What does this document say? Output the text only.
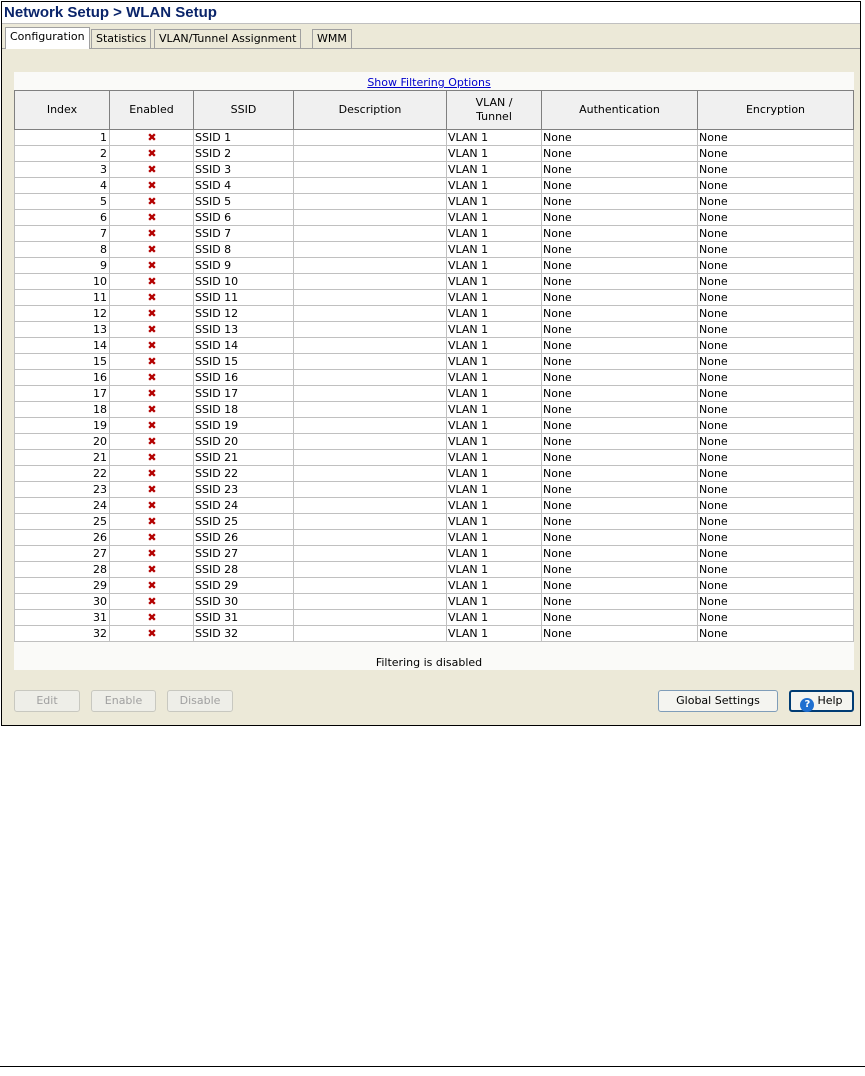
Network Setup > WLAN Setup
Configuration	Statistics	VLAN/Tunnel Assignment	WMM
Show Filtering Options
Index	Enabled	SSID	Description	VLAN / Tunnel	Authentication	Encryption
1	✖	SSID 1		VLAN 1	None	None
2	✖	SSID 2		VLAN 1	None	None
3	✖	SSID 3		VLAN 1	None	None
4	✖	SSID 4		VLAN 1	None	None
5	✖	SSID 5		VLAN 1	None	None
6	✖	SSID 6		VLAN 1	None	None
7	✖	SSID 7		VLAN 1	None	None
8	✖	SSID 8		VLAN 1	None	None
9	✖	SSID 9		VLAN 1	None	None
10	✖	SSID 10		VLAN 1	None	None
11	✖	SSID 11		VLAN 1	None	None
12	✖	SSID 12		VLAN 1	None	None
13	✖	SSID 13		VLAN 1	None	None
14	✖	SSID 14		VLAN 1	None	None
15	✖	SSID 15		VLAN 1	None	None
16	✖	SSID 16		VLAN 1	None	None
17	✖	SSID 17		VLAN 1	None	None
18	✖	SSID 18		VLAN 1	None	None
19	✖	SSID 19		VLAN 1	None	None
20	✖	SSID 20		VLAN 1	None	None
21	✖	SSID 21		VLAN 1	None	None
22	✖	SSID 22		VLAN 1	None	None
23	✖	SSID 23		VLAN 1	None	None
24	✖	SSID 24		VLAN 1	None	None
25	✖	SSID 25		VLAN 1	None	None
26	✖	SSID 26		VLAN 1	None	None
27	✖	SSID 27		VLAN 1	None	None
28	✖	SSID 28		VLAN 1	None	None
29	✖	SSID 29		VLAN 1	None	None
30	✖	SSID 30		VLAN 1	None	None
31	✖	SSID 31		VLAN 1	None	None
32	✖	SSID 32		VLAN 1	None	None
Filtering is disabled
Edit	Enable	Disable	Global Settings	? Help
